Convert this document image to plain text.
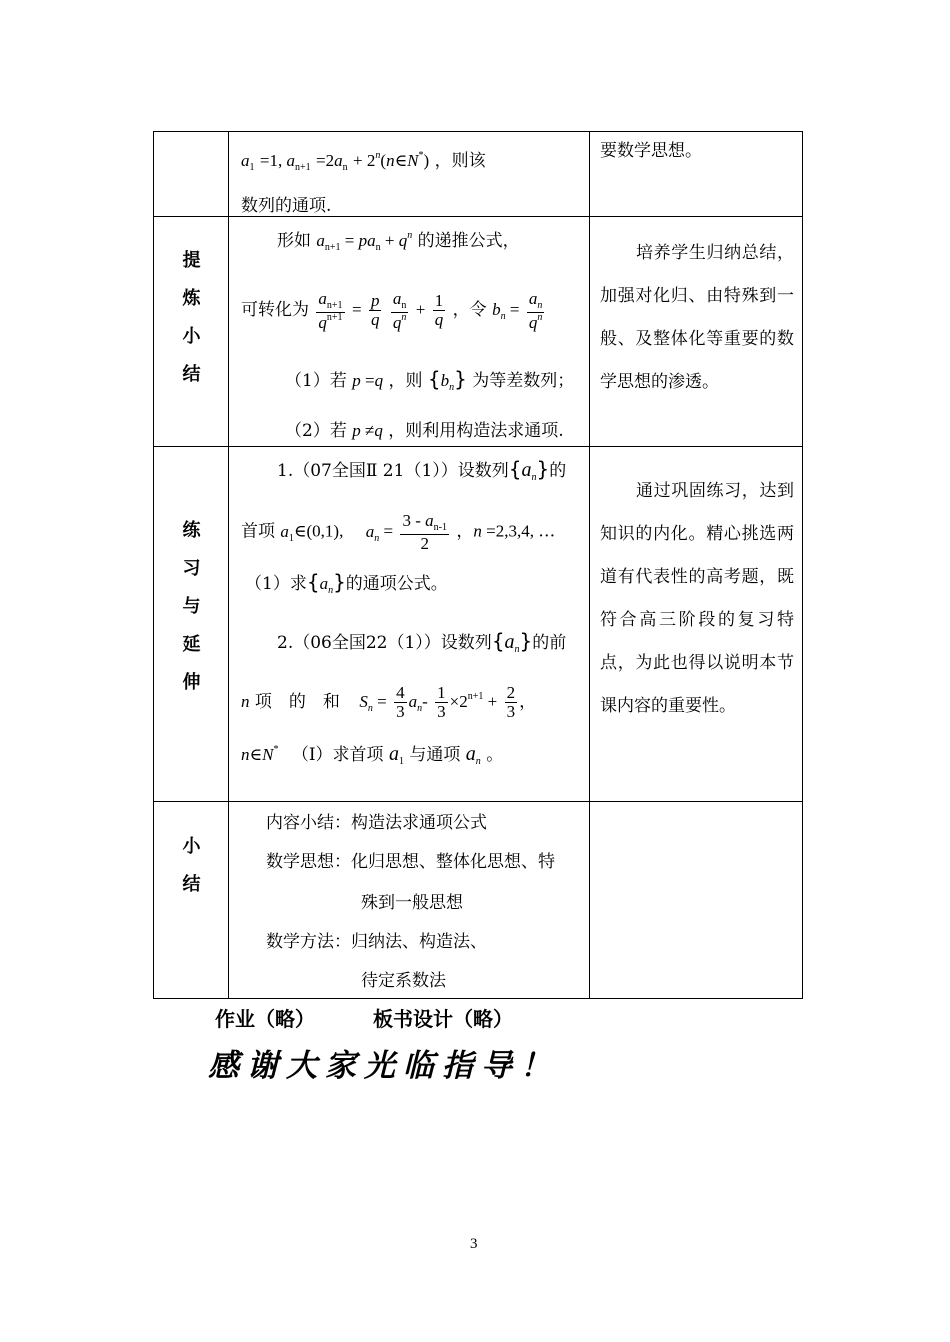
$a_1 =1$, $a_{n+1} =2a_n$ + $2^n(n\in N^*)$ ，则该
数列的通项.
要数学思想。
提
炼
小
结
形如 $a_{n+1} = pa_n + q^n$ 的递推公式，
可转化为 $\frac{a_{n+1}}{q^{n+1}} = \frac{p}{q}$
$\frac{a_n}{q^n} + \frac{1}{q}$ ，令 $b_n = \frac{a_n}{q^n}$
（1）若 p =q ，则 $\{b_n\}$ 为等差数列；
（2）若 p ≠q ，则利用构造法求通项.
培养学生归纳总结，加强对化归、由特殊到一般、及整体化等重要的数学思想的渗透。
练
习
与
延
伸
1.（07全国Ⅱ 21（1））设数列$\{a_n\}$的
首项 $a_1\in(0,1)$,　 $a_n = \frac{3 - a_{n-1}}{2}$ ，n =2,3,4, …
（1）求$\{a_n\}$的通项公式。
2.（06全国22（1））设数列$\{a_n\}$的前
n 项　的　和 $S_n = \frac{4}{3} a_n- \frac{1}{3} \times 2^{n+1} + \frac{2}{3}$ ，
n∈N* （Ⅰ）求首项 $a_1$ 与通项 $a_n$ 。
通过巩固练习，达到知识的内化。精心挑选两道有代表性的高考题，既符合高三阶段的复习特点，为此也得以说明本节课内容的重要性。
小
结
内容小结：构造法求通项公式
数学思想：化归思想、整体化思想、特
殊到一般思想
数学方法：归纳法、构造法、
待定系数法
作业（略）	板书设计（略）
感谢大家光临指导！
3
